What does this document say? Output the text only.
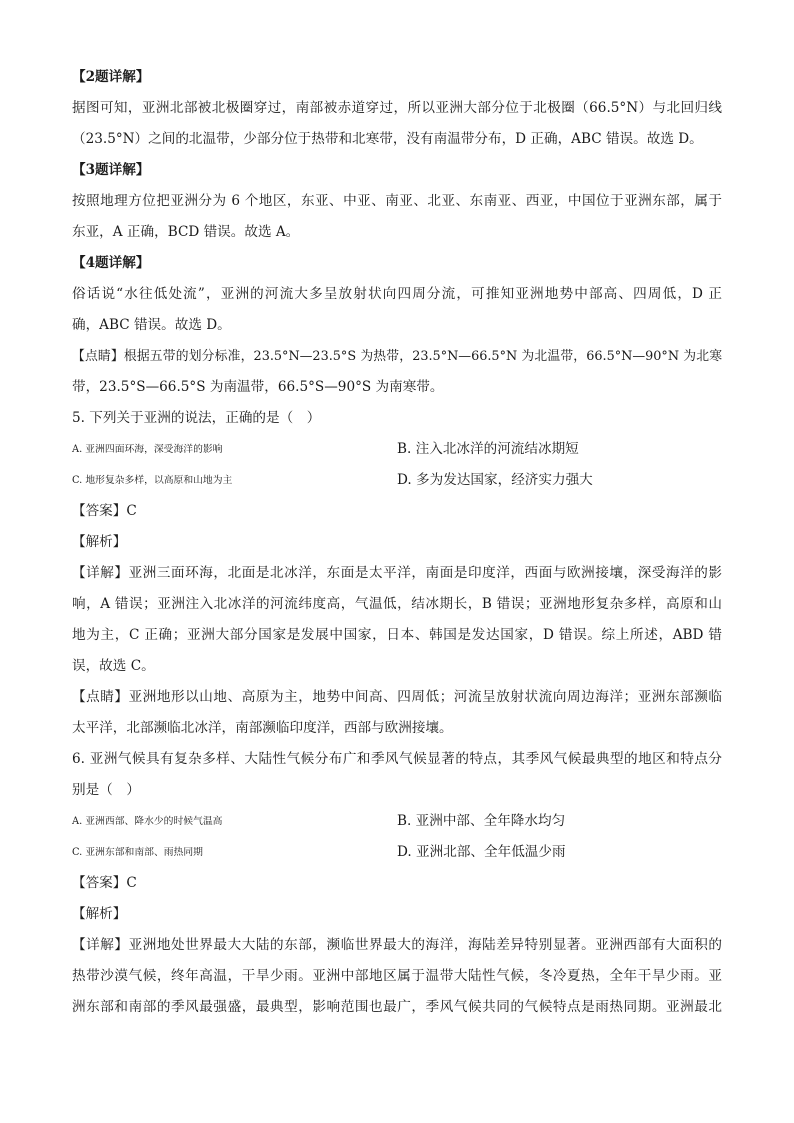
【2题详解】
据图可知，亚洲北部被北极圈穿过，南部被赤道穿过，所以亚洲大部分位于北极圈（66.5°N）与北回归线
（23.5°N）之间的北温带，少部分位于热带和北寒带，没有南温带分布，D 正确，ABC 错误。故选 D。
【3题详解】
按照地理方位把亚洲分为 6 个地区，东亚、中亚、南亚、北亚、东南亚、西亚，中国位于亚洲东部，属于
东亚，A 正确，BCD 错误。故选 A。
【4题详解】
俗话说“水往低处流”，亚洲的河流大多呈放射状向四周分流，可推知亚洲地势中部高、四周低，D 正
确，ABC 错误。故选 D。
【点睛】根据五带的划分标准，23.5°N—23.5°S 为热带，23.5°N—66.5°N 为北温带，66.5°N—90°N 为北寒
带，23.5°S—66.5°S 为南温带，66.5°S—90°S 为南寒带。
5. 下列关于亚洲的说法，正确的是（　）
A. 亚洲四面环海，深受海洋的影响	B. 注入北冰洋的河流结冰期短
C. 地形复杂多样，以高原和山地为主	D. 多为发达国家，经济实力强大
【答案】C
【解析】
【详解】亚洲三面环海，北面是北冰洋，东面是太平洋，南面是印度洋，西面与欧洲接壤，深受海洋的影
响，A 错误；亚洲注入北冰洋的河流纬度高，气温低，结冰期长，B 错误；亚洲地形复杂多样，高原和山
地为主，C 正确；亚洲大部分国家是发展中国家，日本、韩国是发达国家，D 错误。综上所述，ABD 错
误，故选 C。
【点睛】亚洲地形以山地、高原为主，地势中间高、四周低；河流呈放射状流向周边海洋；亚洲东部濒临
太平洋，北部濒临北冰洋，南部濒临印度洋，西部与欧洲接壤。
6. 亚洲气候具有复杂多样、大陆性气候分布广和季风气候显著的特点，其季风气候最典型的地区和特点分
别是（　）
A. 亚洲西部、降水少的时候气温高	B. 亚洲中部、全年降水均匀
C. 亚洲东部和南部、雨热同期	D. 亚洲北部、全年低温少雨
【答案】C
【解析】
【详解】亚洲地处世界最大大陆的东部，濒临世界最大的海洋，海陆差异特别显著。亚洲西部有大面积的
热带沙漠气候，终年高温，干旱少雨。亚洲中部地区属于温带大陆性气候，冬冷夏热，全年干旱少雨。亚
洲东部和南部的季风最强盛，最典型，影响范围也最广，季风气候共同的气候特点是雨热同期。亚洲最北
